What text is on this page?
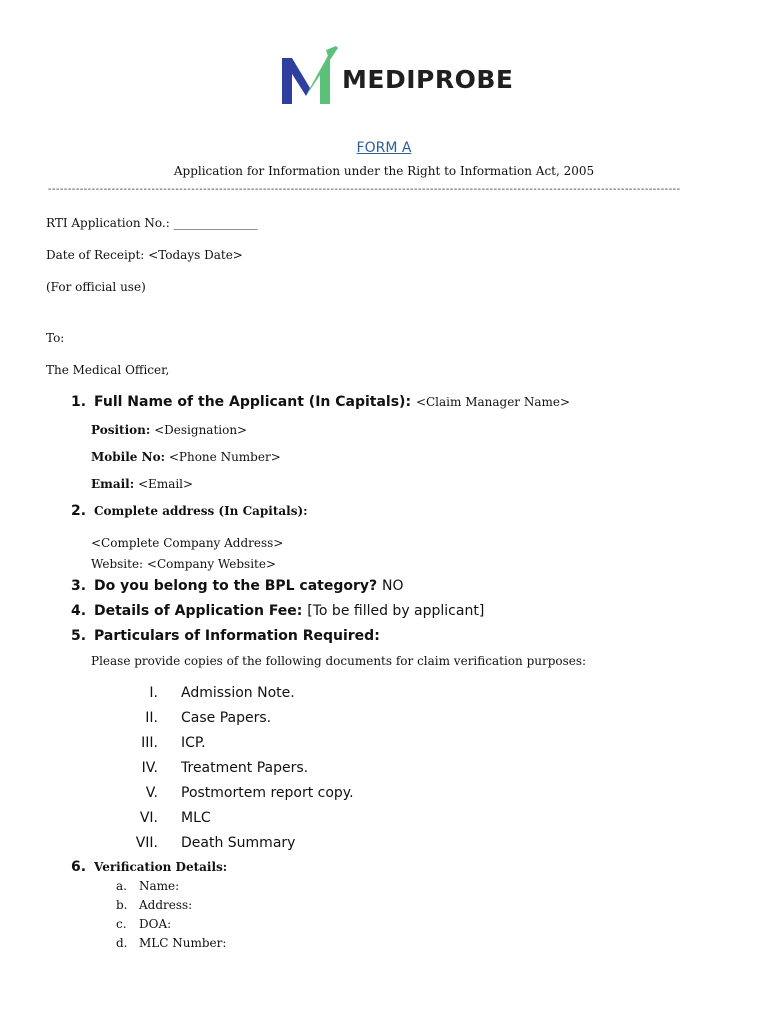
MEDIPROBE
FORM A
Application for Information under the Right to Information Act, 2005
---------------------------------------------------------------------------------------------------------------------------------------------------------------
RTI Application No.: ______________
Date of Receipt: <Todays Date>
(For official use)
To:
The Medical Officer,
1. Full Name of the Applicant (In Capitals): <Claim Manager Name>
Position: <Designation>
Mobile No: <Phone Number>
Email: <Email>
2. Complete address (In Capitals):
<Complete Company Address>
Website: <Company Website>
3. Do you belong to the BPL category? NO
4. Details of Application Fee: [To be filled by applicant]
5. Particulars of Information Required:
Please provide copies of the following documents for claim verification purposes:
I. Admission Note.
II. Case Papers.
III. ICP.
IV. Treatment Papers.
V. Postmortem report copy.
VI. MLC
VII. Death Summary
6. Verification Details:
a. Name:
b. Address:
c. DOA:
d. MLC Number:
